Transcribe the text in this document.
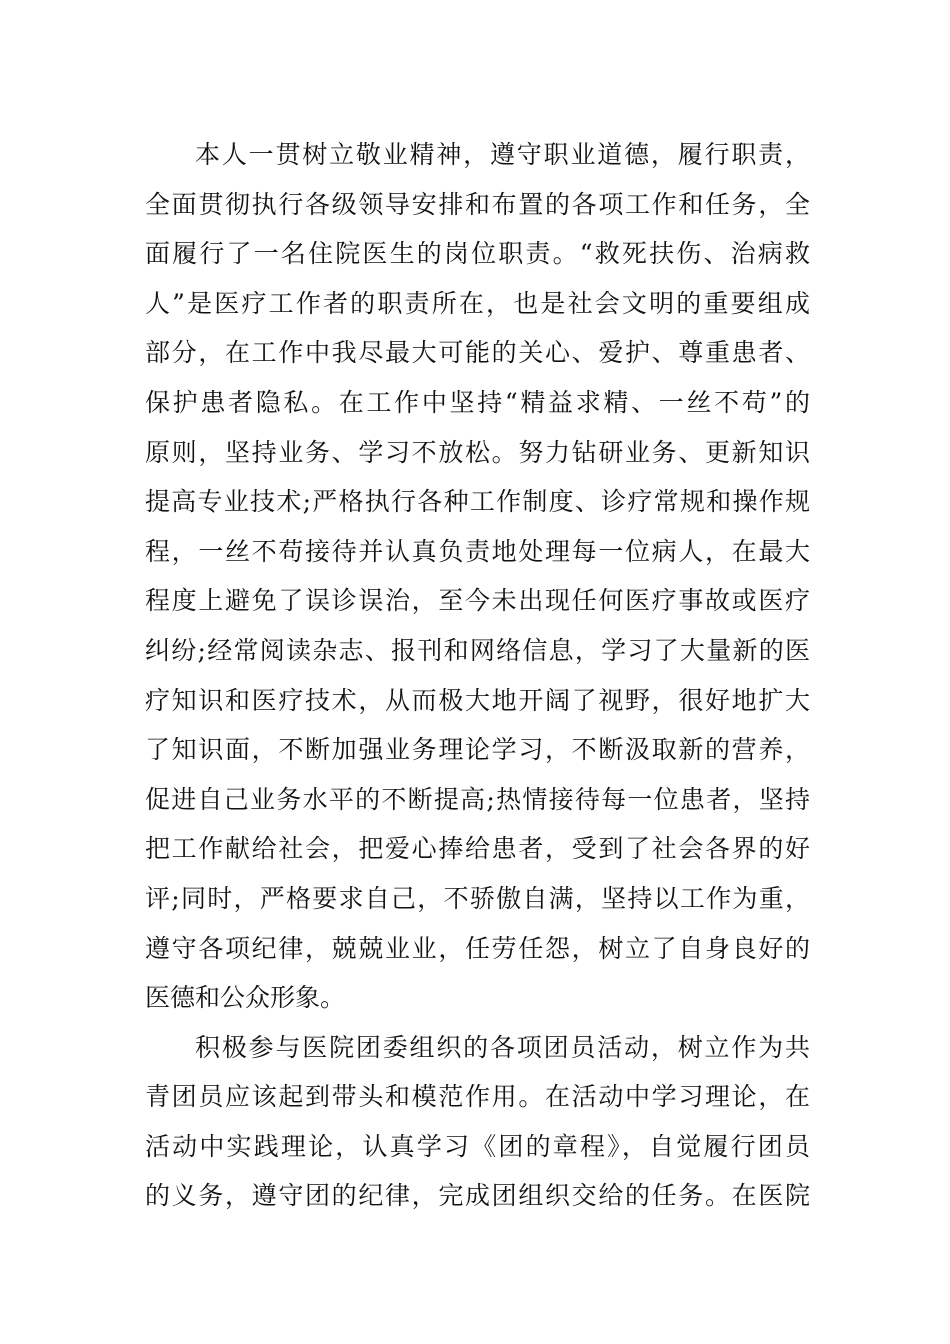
本人一贯树立敬业精神，遵守职业道德，履行职责，
全面贯彻执行各级领导安排和布置的各项工作和任务，全
面履行了一名住院医生的岗位职责。“救死扶伤、治病救
人”是医疗工作者的职责所在，也是社会文明的重要组成
部分，在工作中我尽最大可能的关心、爱护、尊重患者、
保护患者隐私。在工作中坚持“精益求精、一丝不苟”的
原则，坚持业务、学习不放松。努力钻研业务、更新知识
提高专业技术;严格执行各种工作制度、诊疗常规和操作规
程，一丝不苟接待并认真负责地处理每一位病人，在最大
程度上避免了误诊误治，至今未出现任何医疗事故或医疗
纠纷;经常阅读杂志、报刊和网络信息，学习了大量新的医
疗知识和医疗技术，从而极大地开阔了视野，很好地扩大
了知识面，不断加强业务理论学习，不断汲取新的营养，
促进自己业务水平的不断提高;热情接待每一位患者，坚持
把工作献给社会，把爱心捧给患者，受到了社会各界的好
评;同时，严格要求自己，不骄傲自满，坚持以工作为重，
遵守各项纪律，兢兢业业，任劳任怨，树立了自身良好的
医德和公众形象。
积极参与医院团委组织的各项团员活动，树立作为共
青团员应该起到带头和模范作用。在活动中学习理论，在
活动中实践理论，认真学习《团的章程》，自觉履行团员
的义务，遵守团的纪律，完成团组织交给的任务。在医院
